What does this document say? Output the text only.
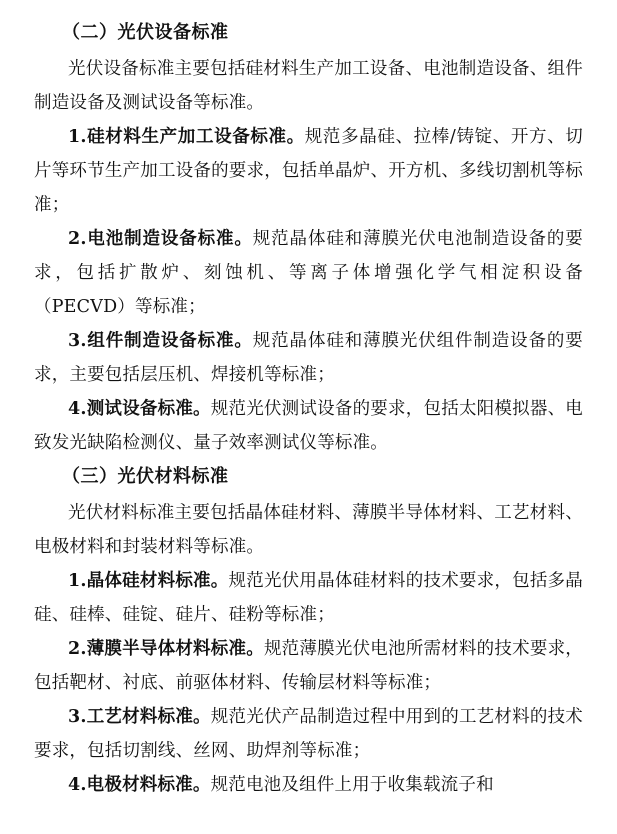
（二）光伏设备标准

光伏设备标准主要包括硅材料生产加工设备、电池制造设备、组件制造设备及测试设备等标准。

1.硅材料生产加工设备标准。规范多晶硅、拉棒/铸锭、开方、切片等环节生产加工设备的要求，包括单晶炉、开方机、多线切割机等标准；

2.电池制造设备标准。规范晶体硅和薄膜光伏电池制造设备的要求，包括扩散炉、刻蚀机、等离子体增强化学气相淀积设备（PECVD）等标准；

3.组件制造设备标准。规范晶体硅和薄膜光伏组件制造设备的要求，主要包括层压机、焊接机等标准；

4.测试设备标准。规范光伏测试设备的要求，包括太阳模拟器、电致发光缺陷检测仪、量子效率测试仪等标准。

（三）光伏材料标准

光伏材料标准主要包括晶体硅材料、薄膜半导体材料、工艺材料、电极材料和封装材料等标准。

1.晶体硅材料标准。规范光伏用晶体硅材料的技术要求，包括多晶硅、硅棒、硅锭、硅片、硅粉等标准；

2.薄膜半导体材料标准。规范薄膜光伏电池所需材料的技术要求，包括靶材、衬底、前驱体材料、传输层材料等标准；

3.工艺材料标准。规范光伏产品制造过程中用到的工艺材料的技术要求，包括切割线、丝网、助焊剂等标准；

4.电极材料标准。规范电池及组件上用于收集载流子和
